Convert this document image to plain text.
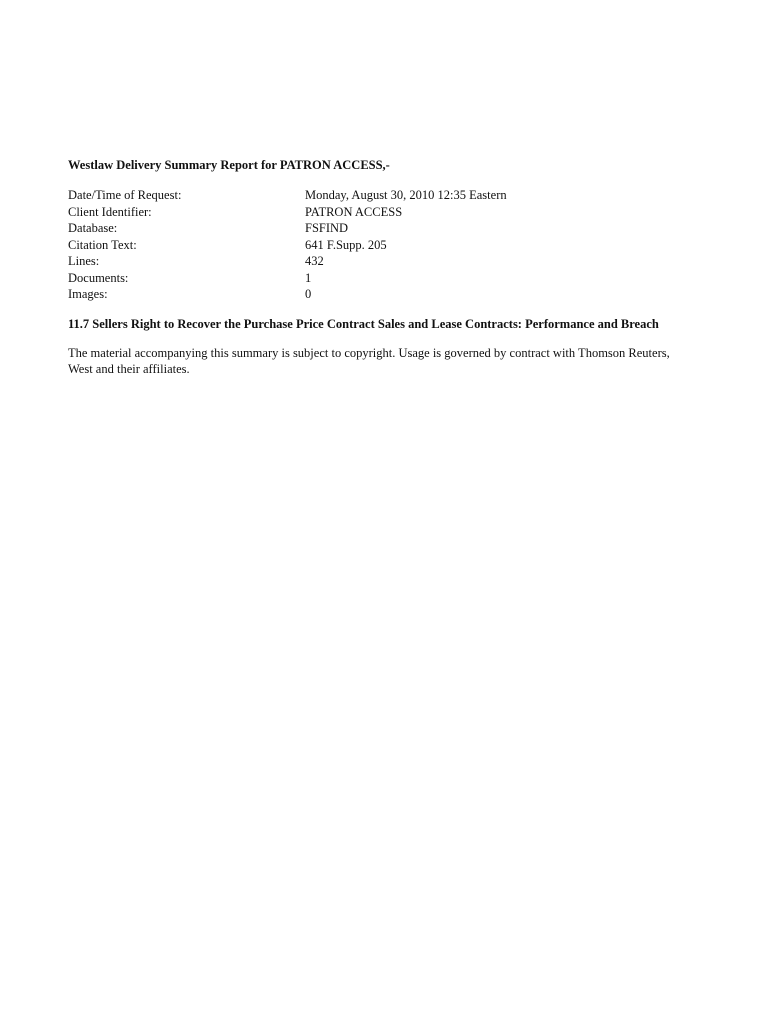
Westlaw Delivery Summary Report for PATRON ACCESS,-
Date/Time of Request:	Monday, August 30, 2010 12:35 Eastern
Client Identifier:	PATRON ACCESS
Database:	FSFIND
Citation Text:	641 F.Supp. 205
Lines:	432
Documents:	1
Images:	0
11.7 Sellers Right to Recover the Purchase Price Contract Sales and Lease Contracts: Performance and Breach
The material accompanying this summary is subject to copyright. Usage is governed by contract with Thomson Reuters, West and their affiliates.
